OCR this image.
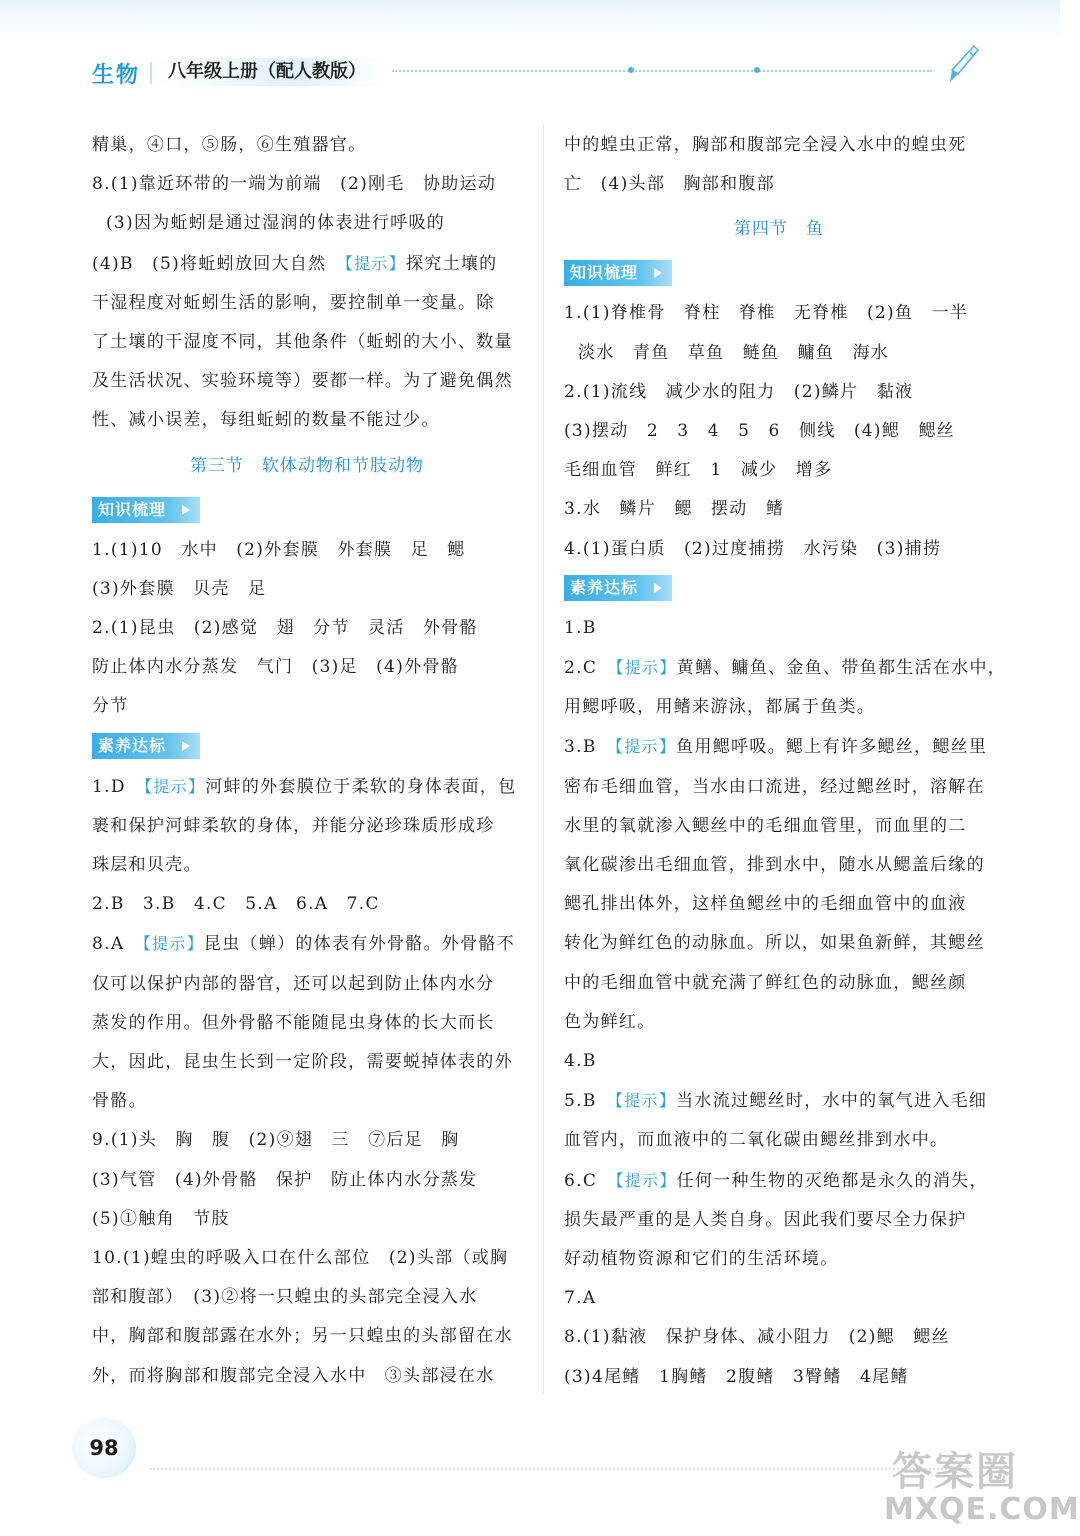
生物	八年级上册（配人教版）

精巢，④口，⑤肠，⑥生殖器官。

8.(1)靠近环带的一端为前端　(2)刚毛　协助运动

(3)因为蚯蚓是通过湿润的体表进行呼吸的

(4)B　(5)将蚯蚓放回大自然　【提示】探究土壤的

干湿程度对蚯蚓生活的影响，要控制单一变量。除

了土壤的干湿度不同，其他条件（蚯蚓的大小、数量

及生活状况、实验环境等）要都一样。为了避免偶然

性、减小误差，每组蚯蚓的数量不能过少。

第三节　软体动物和节肢动物
知识梳理

1.(1)10　水中　(2)外套膜　外套膜　足　鳃

(3)外套膜　贝壳　足

2.(1)昆虫　(2)感觉　翅　分节　灵活　外骨骼

防止体内水分蒸发　气门　(3)足　(4)外骨骼

分节

素养达标

1.D　【提示】河蚌的外套膜位于柔软的身体表面，包

裹和保护河蚌柔软的身体，并能分泌珍珠质形成珍

珠层和贝壳。

2.B　3.B　4.C　5.A　6.A　7.C

8.A　【提示】昆虫（蝉）的体表有外骨骼。外骨骼不

仅可以保护内部的器官，还可以起到防止体内水分

蒸发的作用。但外骨骼不能随昆虫身体的长大而长

大，因此，昆虫生长到一定阶段，需要蜕掉体表的外

骨骼。

9.(1)头　胸　腹　(2)⑨翅　三　⑦后足　胸

(3)气管　(4)外骨骼　保护　防止体内水分蒸发

(5)①触角　节肢

10.(1)蝗虫的呼吸入口在什么部位　(2)头部（或胸

部和腹部）　(3)②将一只蝗虫的头部完全浸入水

中，胸部和腹部露在水外；另一只蝗虫的头部留在水

外，而将胸部和腹部完全浸入水中　③头部浸在水

中的蝗虫正常，胸部和腹部完全浸入水中的蝗虫死

亡　(4)头部　胸部和腹部

第四节　鱼
知识梳理

1.(1)脊椎骨　脊柱　脊椎　无脊椎　(2)鱼　一半

淡水　青鱼　草鱼　鲢鱼　鳙鱼　海水

2.(1)流线　减少水的阻力　(2)鳞片　黏液

(3)摆动　2　3　4　5　6　侧线　(4)鳃　鳃丝

毛细血管　鲜红　1　减少　增多

3.水　鳞片　鳃　摆动　鳍

4.(1)蛋白质　(2)过度捕捞　水污染　(3)捕捞

素养达标

1.B

2.C　【提示】黄鳝、鳙鱼、金鱼、带鱼都生活在水中，

用鳃呼吸，用鳍来游泳，都属于鱼类。

3.B　【提示】鱼用鳃呼吸。鳃上有许多鳃丝，鳃丝里

密布毛细血管，当水由口流进，经过鳃丝时，溶解在

水里的氧就渗入鳃丝中的毛细血管里，而血里的二

氧化碳渗出毛细血管，排到水中，随水从鳃盖后缘的

鳃孔排出体外，这样鱼鳃丝中的毛细血管中的血液

转化为鲜红色的动脉血。所以，如果鱼新鲜，其鳃丝

中的毛细血管中就充满了鲜红色的动脉血，鳃丝颜

色为鲜红。

4.B

5.B　【提示】当水流过鳃丝时，水中的氧气进入毛细

血管内，而血液中的二氧化碳由鳃丝排到水中。

6.C　【提示】任何一种生物的灭绝都是永久的消失，

损失最严重的是人类自身。因此我们要尽全力保护

好动植物资源和它们的生活环境。

7.A

8.(1)黏液　保护身体、减小阻力　(2)鳃　鳃丝

(3)4尾鳍　1胸鳍　2腹鳍　3臀鳍　4尾鳍

98
答案圈
MXQE.COM
